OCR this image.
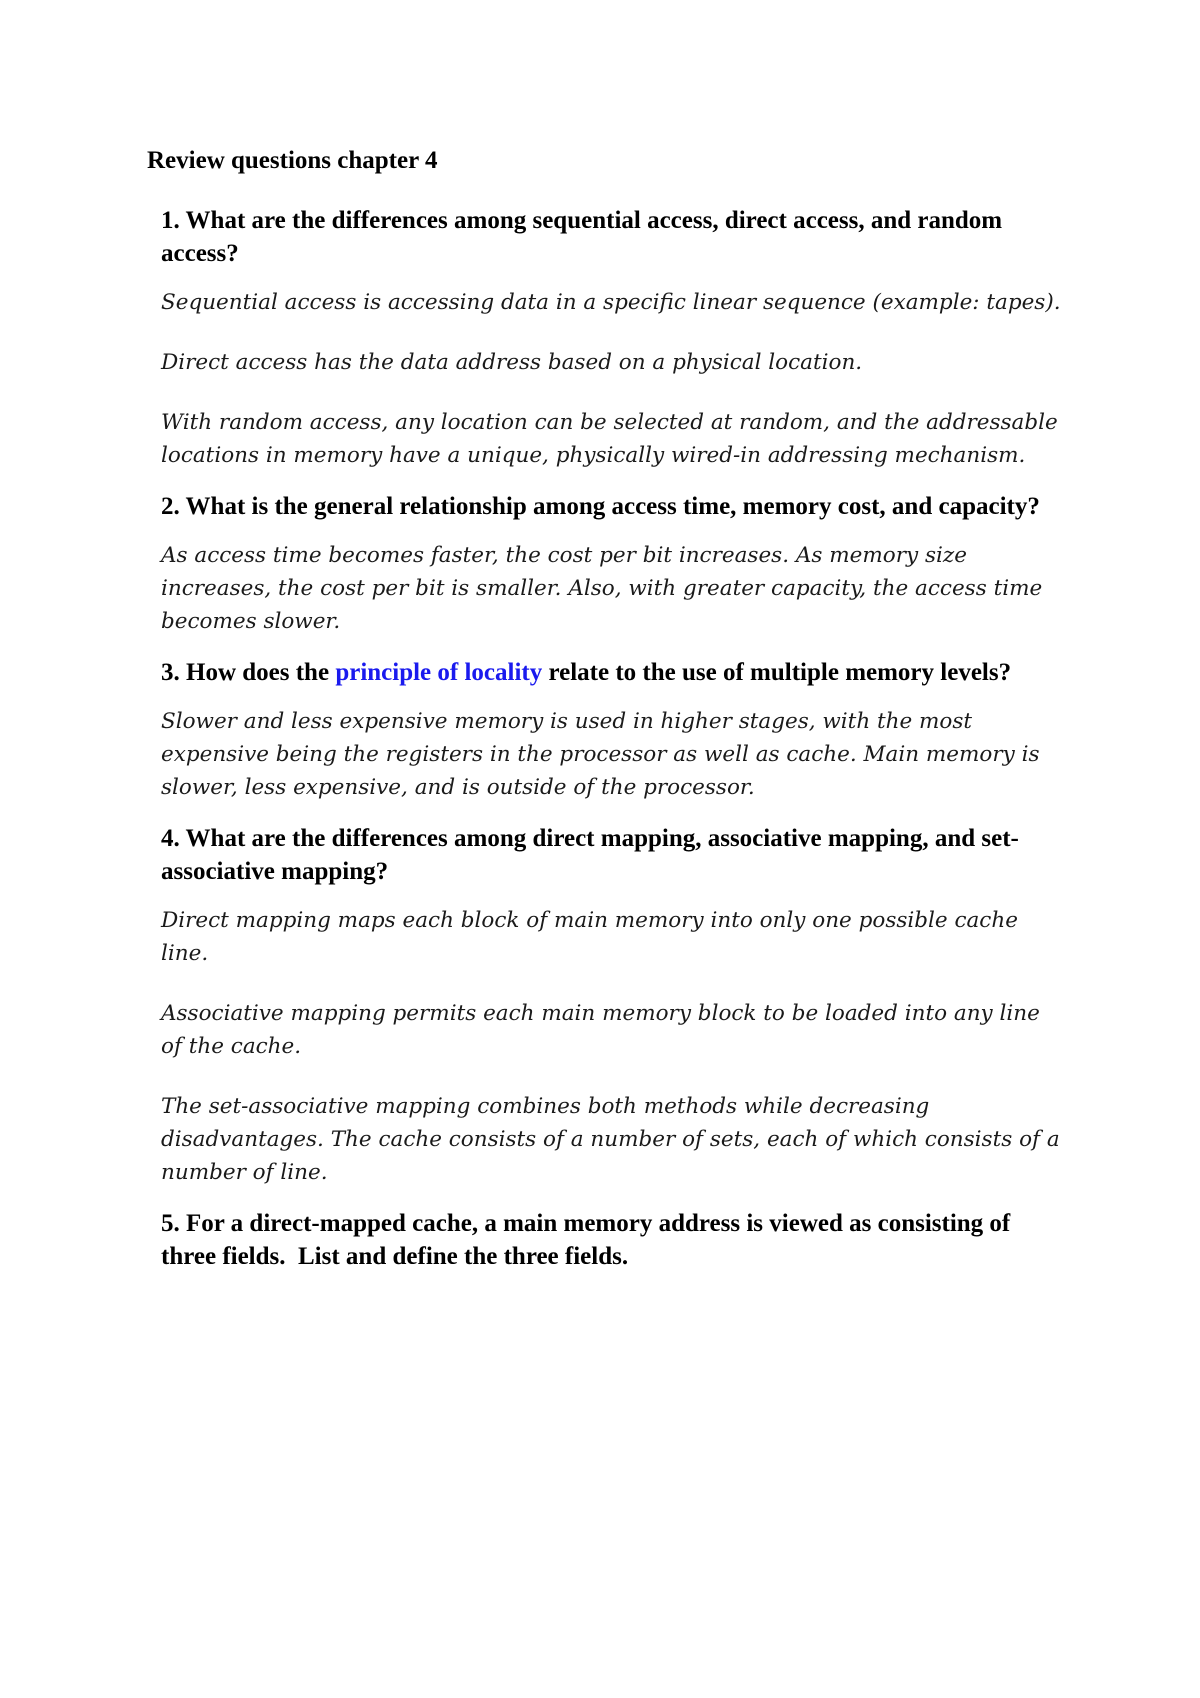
Review questions chapter 4

1. What are the differences among sequential access, direct access, and random access?

Sequential access is accessing data in a specific linear sequence (example: tapes).

Direct access has the data address based on a physical location.

With random access, any location can be selected at random, and the addressable locations in memory have a unique, physically wired-in addressing mechanism.

2. What is the general relationship among access time, memory cost, and capacity?

As access time becomes faster, the cost per bit increases. As memory size increases, the cost per bit is smaller. Also, with greater capacity, the access time becomes slower.

3. How does the principle of locality relate to the use of multiple memory levels?

Slower and less expensive memory is used in higher stages, with the most expensive being the registers in the processor as well as cache. Main memory is slower, less expensive, and is outside of the processor.

4. What are the differences among direct mapping, associative mapping, and set-associative mapping?

Direct mapping maps each block of main memory into only one possible cache line.

Associative mapping permits each main memory block to be loaded into any line of the cache.

The set-associative mapping combines both methods while decreasing disadvantages. The cache consists of a number of sets, each of which consists of a number of line.

5. For a direct-mapped cache, a main memory address is viewed as consisting of three fields.  List and define the three fields.
